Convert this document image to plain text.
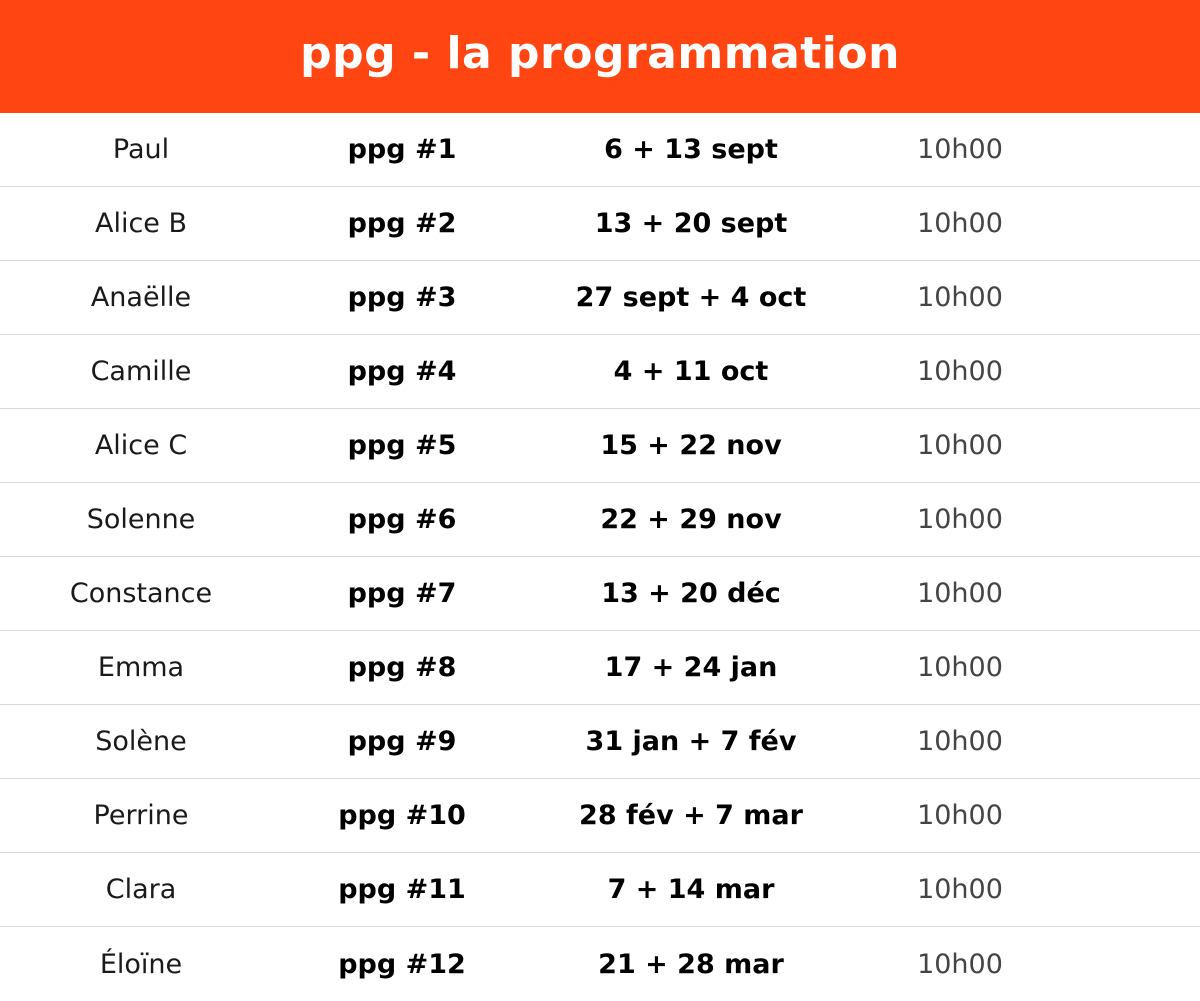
ppg - la programmation
Paul	ppg #1	6 + 13 sept	10h00
Alice B	ppg #2	13 + 20 sept	10h00
Anaëlle	ppg #3	27 sept + 4 oct	10h00
Camille	ppg #4	4 + 11 oct	10h00
Alice C	ppg #5	15 + 22 nov	10h00
Solenne	ppg #6	22 + 29 nov	10h00
Constance	ppg #7	13 + 20 déc	10h00
Emma	ppg #8	17 + 24 jan	10h00
Solène	ppg #9	31 jan + 7 fév	10h00
Perrine	ppg #10	28 fév + 7 mar	10h00
Clara	ppg #11	7 + 14 mar	10h00
Éloïne	ppg #12	21 + 28 mar	10h00
